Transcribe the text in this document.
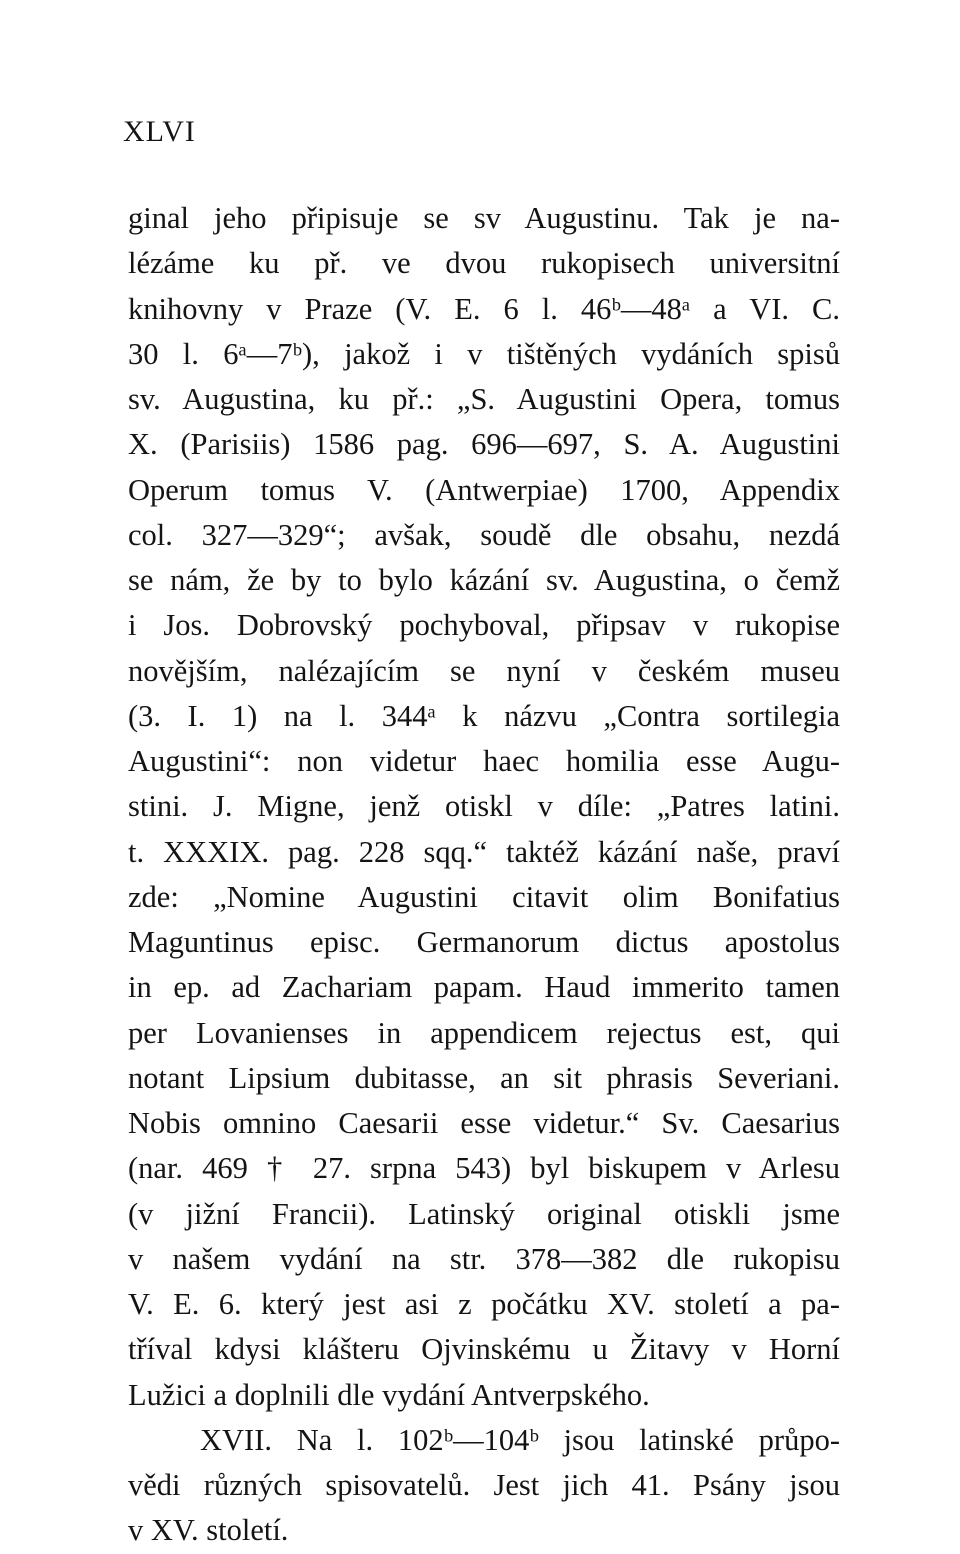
XLVI

ginal jeho připisuje se sv Augustinu. Tak je na-
lézáme ku př. ve dvou rukopisech universitní
knihovny v Praze (V. E. 6 l. 46ᵇ—48ᵃ a VI. C.
30 l. 6ᵃ—7ᵇ), jakož i v tištěných vydáních spisů
sv. Augustina, ku př.: „S. Augustini Opera, tomus
X. (Parisiis) 1586 pag. 696—697, S. A. Augustini
Operum tomus V. (Antwerpiae) 1700, Appendix
col. 327—329“; avšak, soudě dle obsahu, nezdá
se nám, že by to bylo kázání sv. Augustina, o čemž
i Jos. Dobrovský pochyboval, připsav v rukopise
novějším, nalézajícím se nyní v českém museu
(3. I. 1) na l. 344ᵃ k názvu „Contra sortilegia
Augustini“: non videtur haec homilia esse Augu-
stini. J. Migne, jenž otiskl v díle: „Patres latini.
t. XXXIX. pag. 228 sqq.“ taktéž kázání naše, praví
zde: „Nomine Augustini citavit olim Bonifatius
Maguntinus episc. Germanorum dictus apostolus
in ep. ad Zachariam papam. Haud immerito tamen
per Lovanienses in appendicem rejectus est, qui
notant Lipsium dubitasse, an sit phrasis Severiani.
Nobis omnino Caesarii esse videtur.“ Sv. Caesarius
(nar. 469 † 27. srpna 543) byl biskupem v Arlesu
(v jižní Francii). Latinský original otiskli jsme
v našem vydání na str. 378—382 dle rukopisu
V. E. 6. který jest asi z počátku XV. století a pa-
tříval kdysi klášteru Ojvinskému u Žitavy v Horní
Lužici a doplnili dle vydání Antverpského.
XVII. Na l. 102ᵇ—104ᵇ jsou latinské průpo-
vědi různých spisovatelů. Jest jich 41. Psány jsou
v XV. století.
